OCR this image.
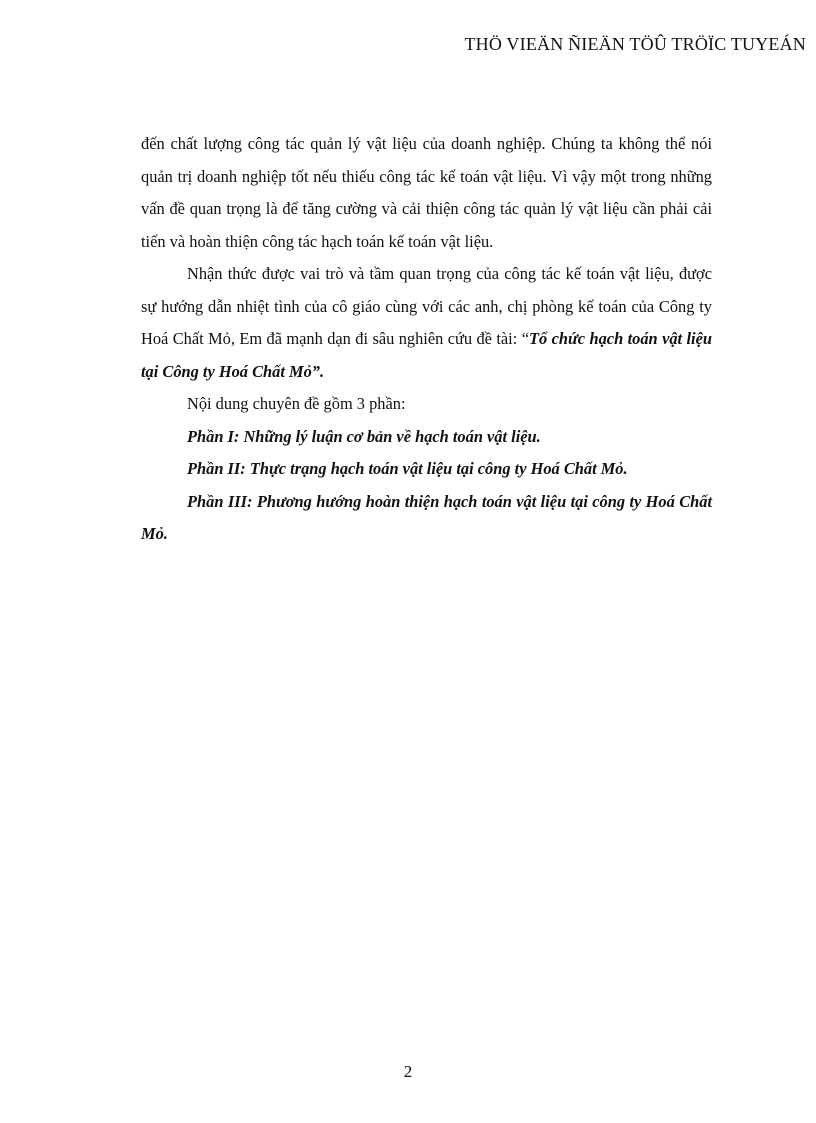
THÖ VIEÄN ÑIEÄN TÖÛ TRÖÏC TUYEÁN

đến chất lượng công tác quản lý vật liệu của doanh nghiệp. Chúng ta không thể nói quản trị doanh nghiệp tốt nếu thiếu công tác kế toán vật liệu. Vì vậy một trong những vấn đề quan trọng là để tăng cường và cải thiện công tác quản lý vật liệu cần phải cải tiến và hoàn thiện công tác hạch toán kế toán vật liệu.

Nhận thức được vai trò và tầm quan trọng của công tác kế toán vật liệu, được sự hướng dẫn nhiệt tình của cô giáo cùng với các anh, chị phòng kế toán của Công ty Hoá Chất Mỏ, Em đã mạnh dạn đi sâu nghiên cứu đề tài: “Tổ chức hạch toán vật liệu tại Công ty Hoá Chất Mỏ”.

Nội dung chuyên đề gồm 3 phần:

Phần I: Những lý luận cơ bản về hạch toán vật liệu.

Phần II: Thực trạng hạch toán vật liệu tại công ty Hoá Chất Mỏ.

Phần III: Phương hướng hoàn thiện hạch toán vật liệu tại công ty Hoá Chất Mỏ.

2
